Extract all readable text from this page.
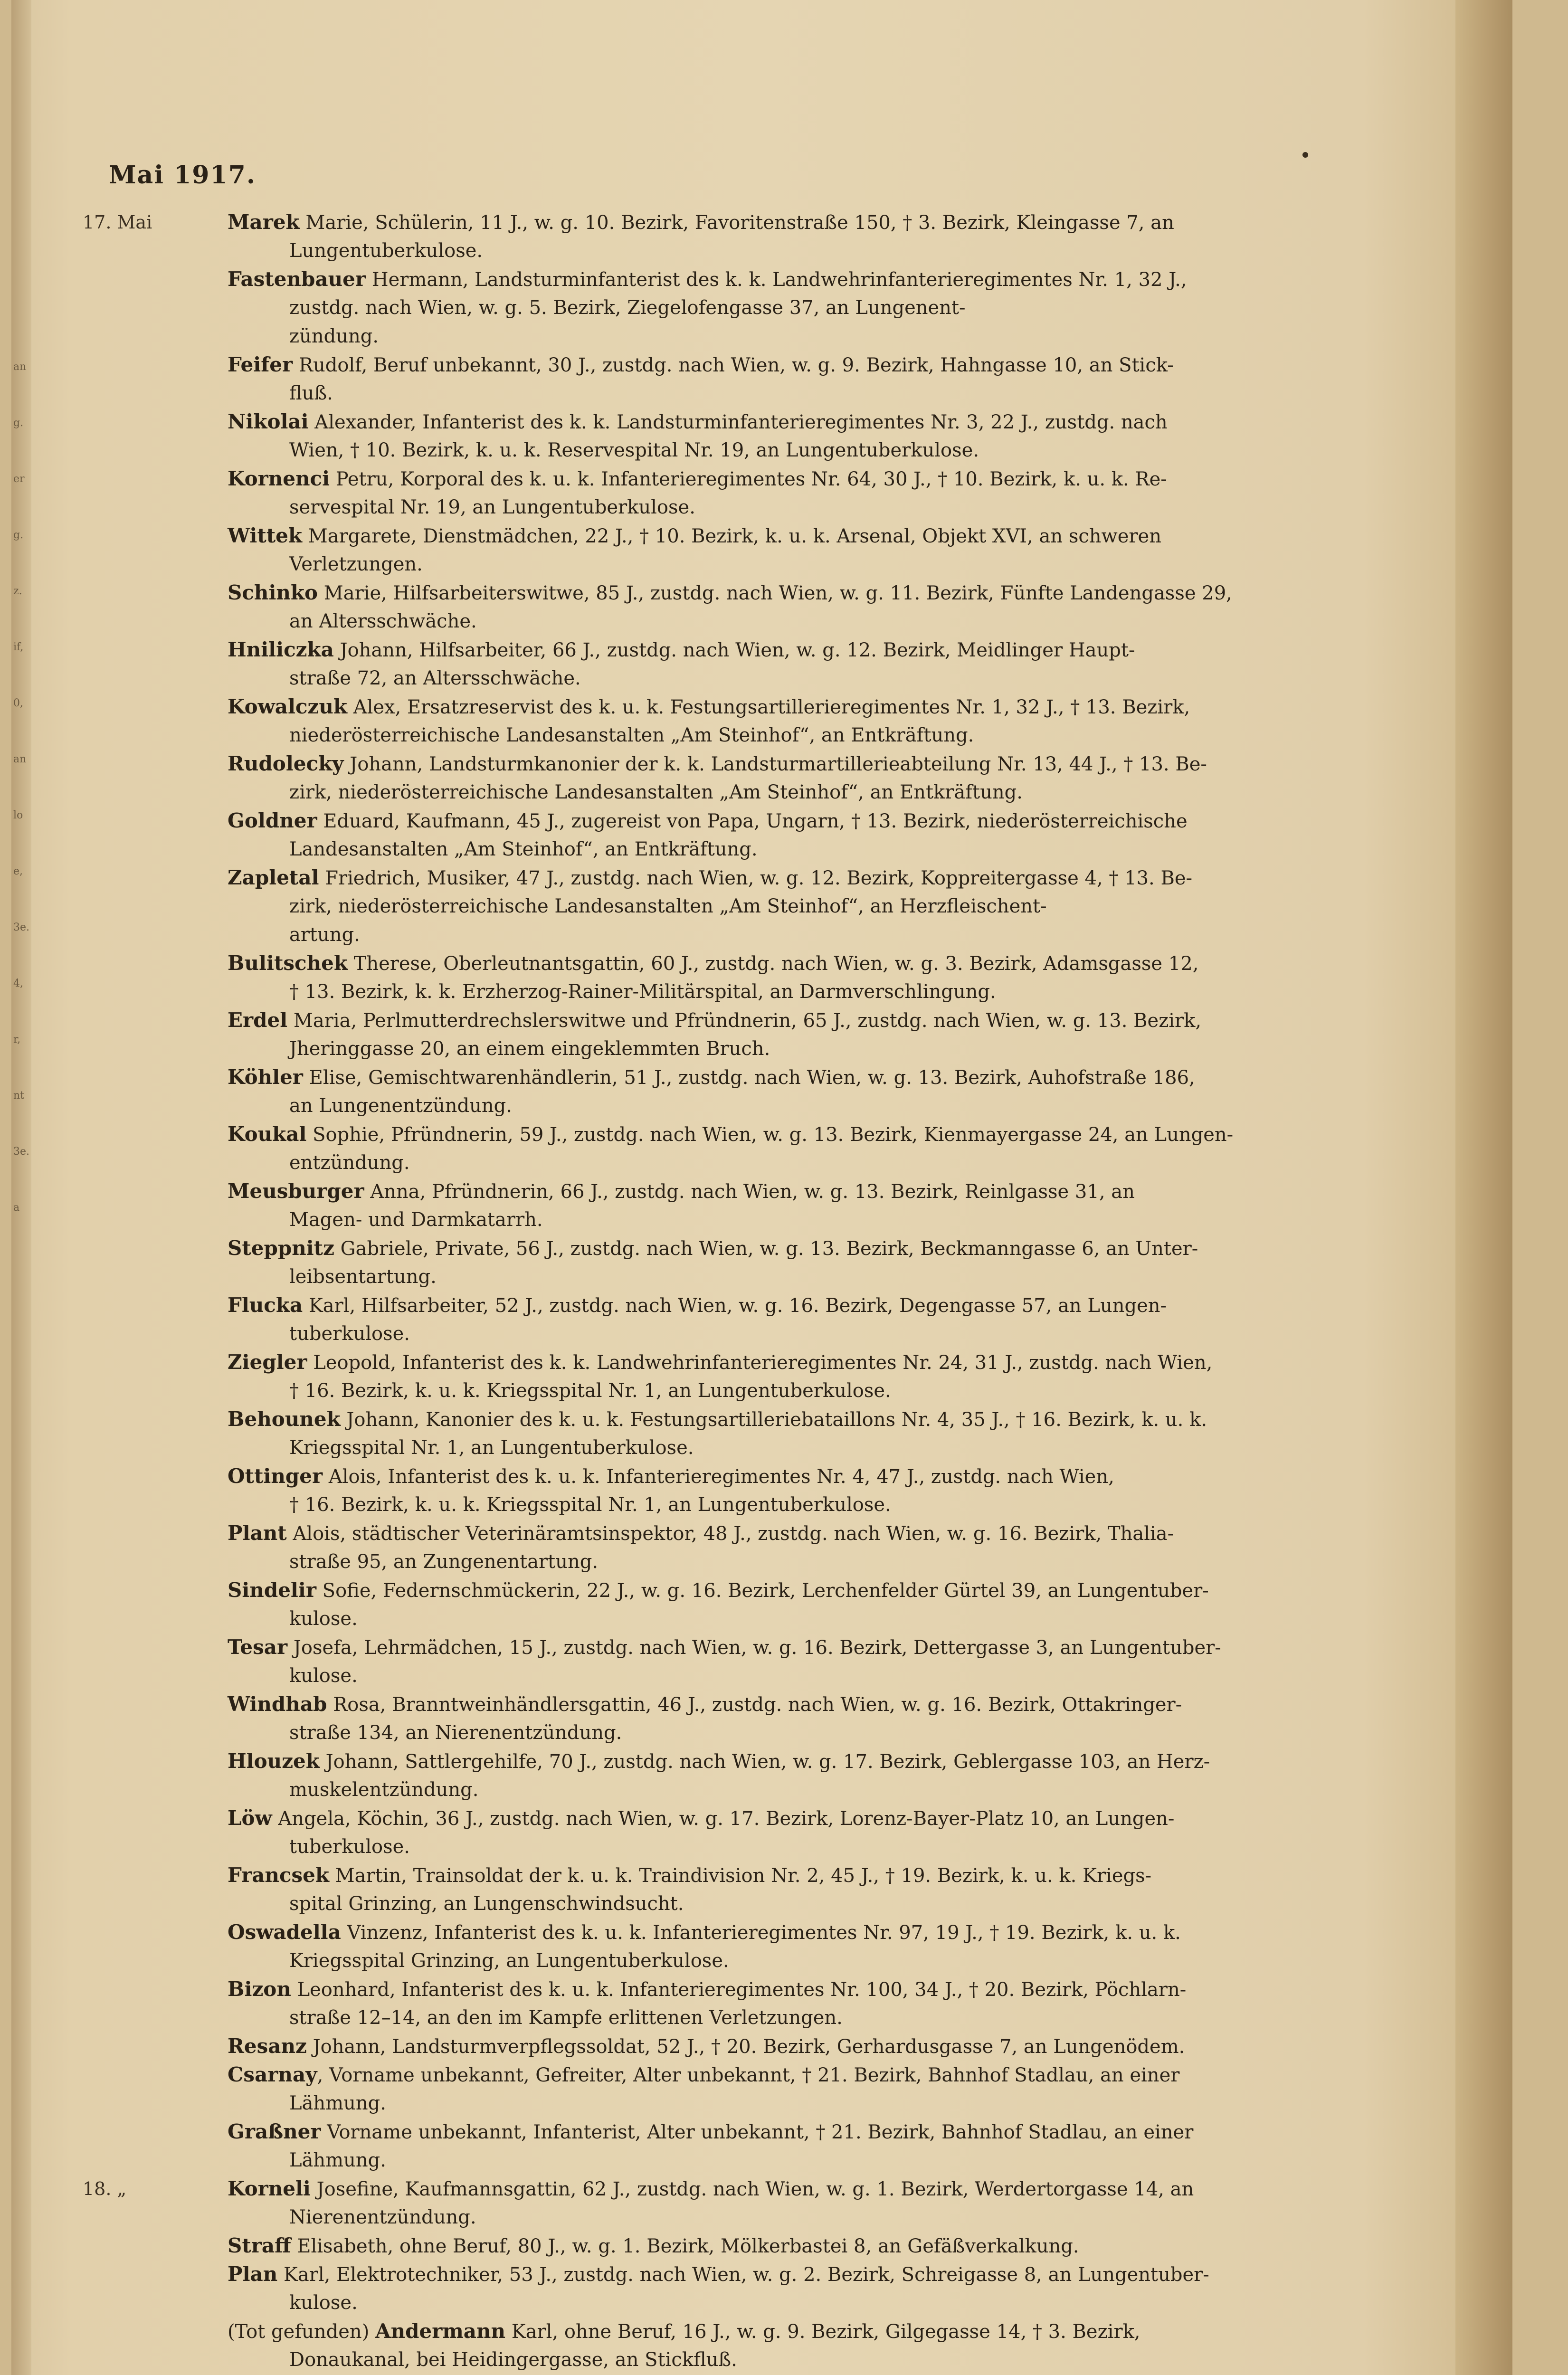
an
g.
er
g.
z.
if,
0,
an
lo
e,
3e.
4,
r,
nt
3e.
a
Mai 1917.
17. Mai	Marek Marie, Schülerin, 11 J., w. g. 10. Bezirk, Favoritenstraße 150, † 3. Bezirk, Kleingasse 7, an
Lungentuberkulose.
Fastenbauer Hermann, Landsturminfanterist des k. k. Landwehrinfanterieregimentes Nr. 1, 32 J.,
zustdg. nach Wien, w. g. 5. Bezirk, Ziegelofengasse 37, an Lungenent-
zündung.
Feifer Rudolf, Beruf unbekannt, 30 J., zustdg. nach Wien, w. g. 9. Bezirk, Hahngasse 10, an Stick-
fluß.
Nikolai Alexander, Infanterist des k. k. Landsturminfanterieregimentes Nr. 3, 22 J., zustdg. nach
Wien, † 10. Bezirk, k. u. k. Reservespital Nr. 19, an Lungentuberkulose.
Kornenci Petru, Korporal des k. u. k. Infanterieregimentes Nr. 64, 30 J., † 10. Bezirk, k. u. k. Re-
servespital Nr. 19, an Lungentuberkulose.
Wittek Margarete, Dienstmädchen, 22 J., † 10. Bezirk, k. u. k. Arsenal, Objekt XVI, an schweren
Verletzungen.
Schinko Marie, Hilfsarbeiterswitwe, 85 J., zustdg. nach Wien, w. g. 11. Bezirk, Fünfte Landengasse 29,
an Altersschwäche.
Hniliczka Johann, Hilfsarbeiter, 66 J., zustdg. nach Wien, w. g. 12. Bezirk, Meidlinger Haupt-
straße 72, an Altersschwäche.
Kowalczuk Alex, Ersatzreservist des k. u. k. Festungsartillerieregimentes Nr. 1, 32 J., † 13. Bezirk,
niederösterreichische Landesanstalten „Am Steinhof“, an Entkräftung.
Rudolecky Johann, Landsturmkanonier der k. k. Landsturmartillerieabteilung Nr. 13, 44 J., † 13. Be-
zirk, niederösterreichische Landesanstalten „Am Steinhof“, an Entkräftung.
Goldner Eduard, Kaufmann, 45 J., zugereist von Papa, Ungarn, † 13. Bezirk, niederösterreichische
Landesanstalten „Am Steinhof“, an Entkräftung.
Zapletal Friedrich, Musiker, 47 J., zustdg. nach Wien, w. g. 12. Bezirk, Koppreitergasse 4, † 13. Be-
zirk, niederösterreichische Landesanstalten „Am Steinhof“, an Herzfleischent-
artung.
Bulitschek Therese, Oberleutnantsgattin, 60 J., zustdg. nach Wien, w. g. 3. Bezirk, Adamsgasse 12,
† 13. Bezirk, k. k. Erzherzog-Rainer-Militärspital, an Darmverschlingung.
Erdel Maria, Perlmutterdrechslerswitwe und Pfründnerin, 65 J., zustdg. nach Wien, w. g. 13. Bezirk,
Jheringgasse 20, an einem eingeklemmten Bruch.
Köhler Elise, Gemischtwarenhändlerin, 51 J., zustdg. nach Wien, w. g. 13. Bezirk, Auhofstraße 186,
an Lungenentzündung.
Koukal Sophie, Pfründnerin, 59 J., zustdg. nach Wien, w. g. 13. Bezirk, Kienmayergasse 24, an Lungen-
entzündung.
Meusburger Anna, Pfründnerin, 66 J., zustdg. nach Wien, w. g. 13. Bezirk, Reinlgasse 31, an
Magen- und Darmkatarrh.
Steppnitz Gabriele, Private, 56 J., zustdg. nach Wien, w. g. 13. Bezirk, Beckmanngasse 6, an Unter-
leibsentartung.
Flucka Karl, Hilfsarbeiter, 52 J., zustdg. nach Wien, w. g. 16. Bezirk, Degengasse 57, an Lungen-
tuberkulose.
Ziegler Leopold, Infanterist des k. k. Landwehrinfanterieregimentes Nr. 24, 31 J., zustdg. nach Wien,
† 16. Bezirk, k. u. k. Kriegsspital Nr. 1, an Lungentuberkulose.
Behounek Johann, Kanonier des k. u. k. Festungsartilleriebataillons Nr. 4, 35 J., † 16. Bezirk, k. u. k.
Kriegsspital Nr. 1, an Lungentuberkulose.
Ottinger Alois, Infanterist des k. u. k. Infanterieregimentes Nr. 4, 47 J., zustdg. nach Wien,
† 16. Bezirk, k. u. k. Kriegsspital Nr. 1, an Lungentuberkulose.
Plant Alois, städtischer Veterinäramtsinspektor, 48 J., zustdg. nach Wien, w. g. 16. Bezirk, Thalia-
straße 95, an Zungenentartung.
Sindelir Sofie, Federnschmückerin, 22 J., w. g. 16. Bezirk, Lerchenfelder Gürtel 39, an Lungentuber-
kulose.
Tesar Josefa, Lehrmädchen, 15 J., zustdg. nach Wien, w. g. 16. Bezirk, Dettergasse 3, an Lungentuber-
kulose.
Windhab Rosa, Branntweinhändlersgattin, 46 J., zustdg. nach Wien, w. g. 16. Bezirk, Ottakringer-
straße 134, an Nierenentzündung.
Hlouzek Johann, Sattlergehilfe, 70 J., zustdg. nach Wien, w. g. 17. Bezirk, Geblergasse 103, an Herz-
muskelentzündung.
Löw Angela, Köchin, 36 J., zustdg. nach Wien, w. g. 17. Bezirk, Lorenz-Bayer-Platz 10, an Lungen-
tuberkulose.
Francsek Martin, Trainsoldat der k. u. k. Traindivision Nr. 2, 45 J., † 19. Bezirk, k. u. k. Kriegs-
spital Grinzing, an Lungenschwindsucht.
Oswadella Vinzenz, Infanterist des k. u. k. Infanterieregimentes Nr. 97, 19 J., † 19. Bezirk, k. u. k.
Kriegsspital Grinzing, an Lungentuberkulose.
Bizon Leonhard, Infanterist des k. u. k. Infanterieregimentes Nr. 100, 34 J., † 20. Bezirk, Pöchlarn-
straße 12–14, an den im Kampfe erlittenen Verletzungen.
Resanz Johann, Landsturmverpflegssoldat, 52 J., † 20. Bezirk, Gerhardusgasse 7, an Lungenödem.
Csarnay, Vorname unbekannt, Gefreiter, Alter unbekannt, † 21. Bezirk, Bahnhof Stadlau, an einer
Lähmung.
Graßner Vorname unbekannt, Infanterist, Alter unbekannt, † 21. Bezirk, Bahnhof Stadlau, an einer
Lähmung.
18. „	Korneli Josefine, Kaufmannsgattin, 62 J., zustdg. nach Wien, w. g. 1. Bezirk, Werdertorgasse 14, an
Nierenentzündung.
Straff Elisabeth, ohne Beruf, 80 J., w. g. 1. Bezirk, Mölkerbastei 8, an Gefäßverkalkung.
Plan Karl, Elektrotechniker, 53 J., zustdg. nach Wien, w. g. 2. Bezirk, Schreigasse 8, an Lungentuber-
kulose.
(Tot gefunden) Andermann Karl, ohne Beruf, 16 J., w. g. 9. Bezirk, Gilgegasse 14, † 3. Bezirk,
Donaukanal, bei Heidingergasse, an Stickfluß.
